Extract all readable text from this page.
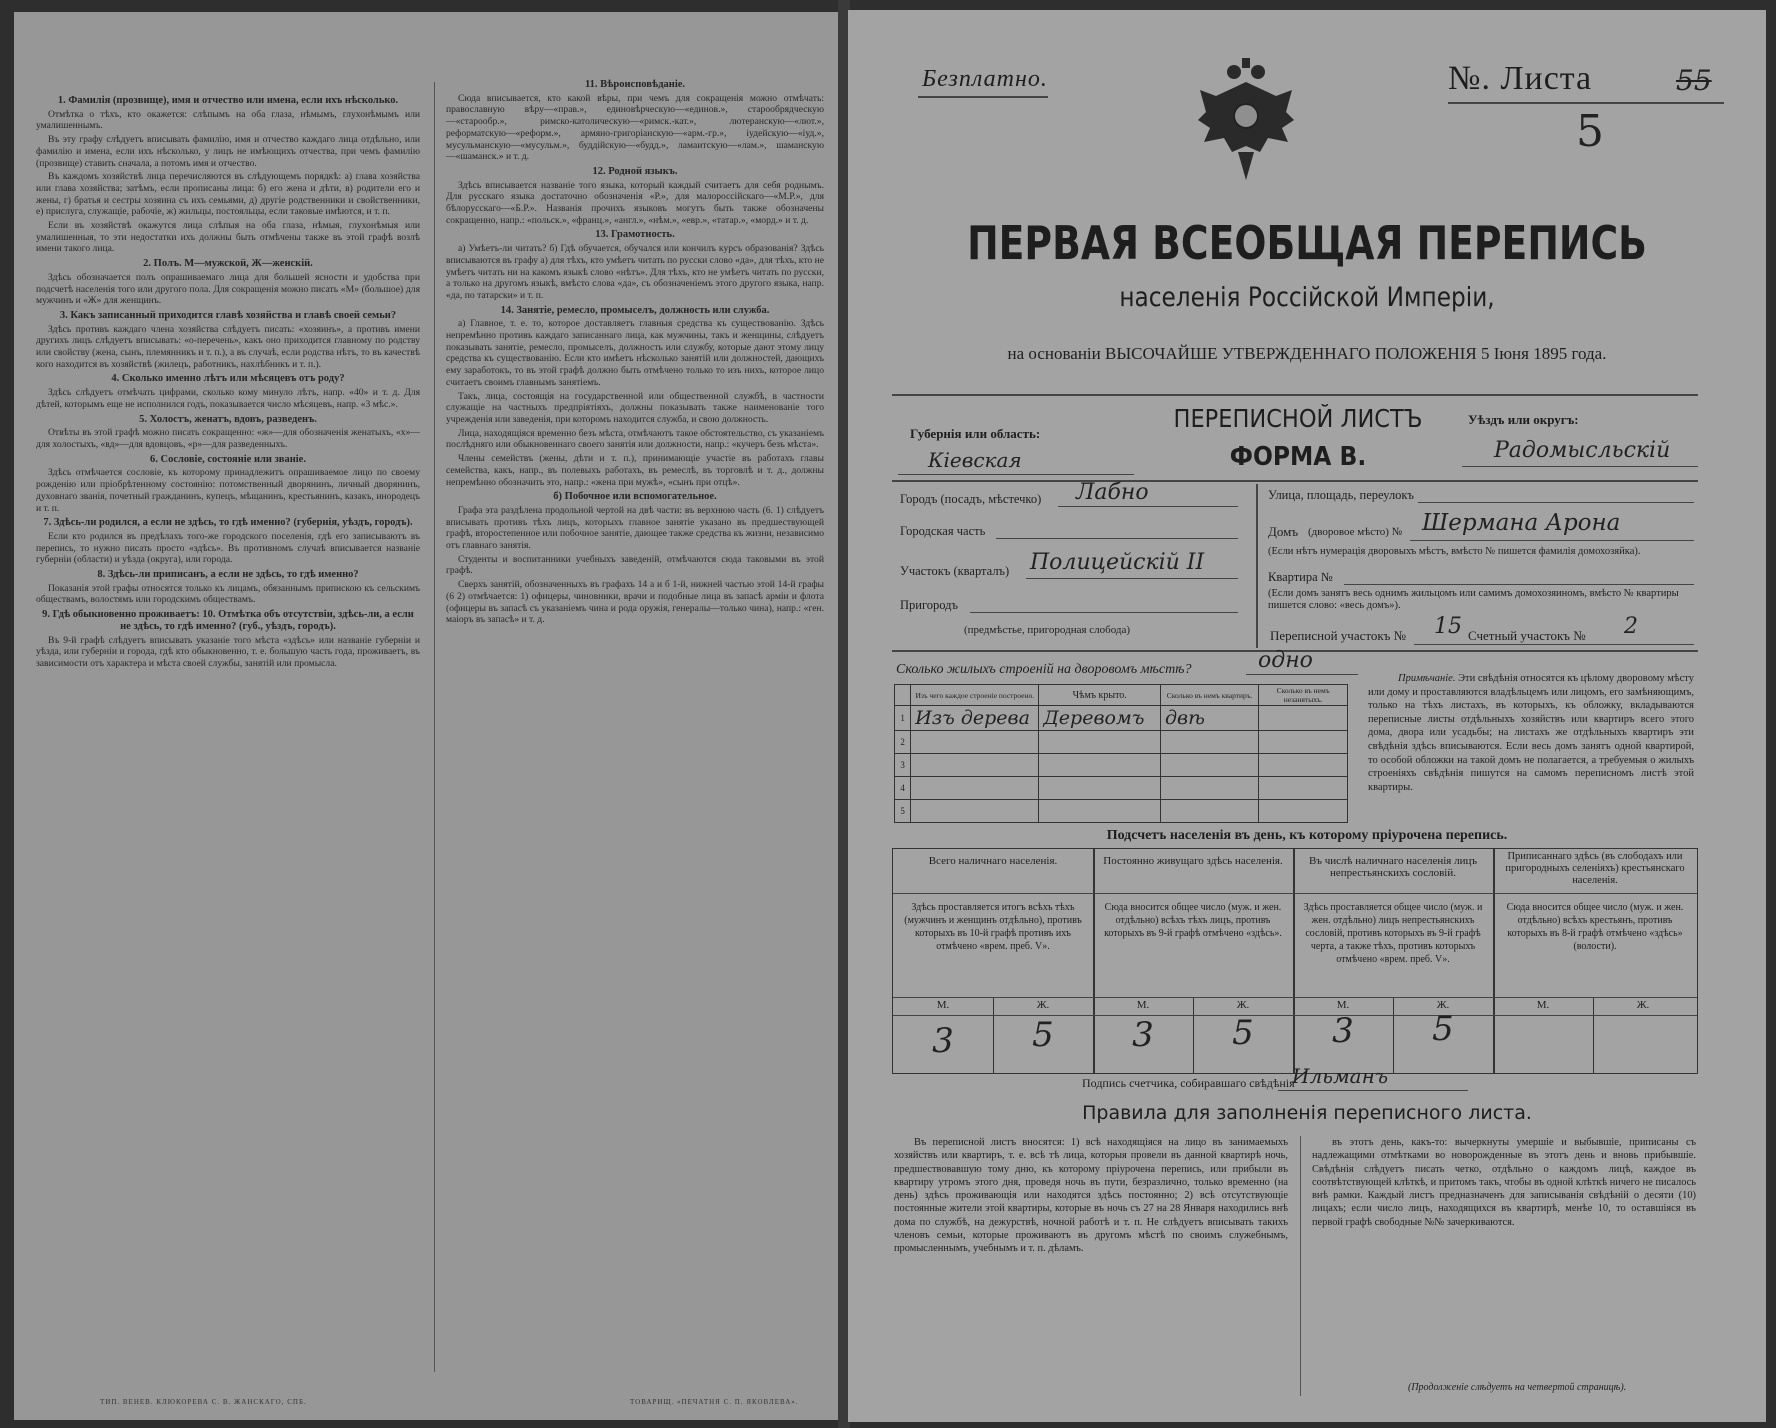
1. Фамилія (прозвище), имя и отчество или имена, если ихъ нѣсколько.

Отмѣтка о тѣхъ, кто окажется: слѣпымъ на оба глаза, нѣмымъ, глухонѣмымъ или умалишеннымъ.

Въ эту графу слѣдуетъ вписывать фамилію, имя и отчество каждаго лица отдѣльно, или фамилію и имена, если ихъ нѣсколько, у лицъ не имѣющихъ отчества, при чемъ фамилію (прозвище) ставить сначала, а потомъ имя и отчество.

Въ каждомъ хозяйствѣ лица перечисляются въ слѣдующемъ порядкѣ: а) глава хозяйства или глава хозяйства; затѣмъ, если прописаны лица: б) его жена и дѣти, в) родители его и жены, г) братья и сестры хозяина съ ихъ семьями, д) другіе родственники и свойственники, е) прислуга, служащіе, рабочіе, ж) жильцы, постояльцы, если таковые имѣются, и т. п.

Если въ хозяйствѣ окажутся лица слѣпыя на оба глаза, нѣмыя, глухонѣмыя или умалишенныя, то эти недостатки ихъ должны быть отмѣчены также въ этой графѣ возлѣ имени такого лица.

2. Полъ. М—мужской, Ж—женскій.

Здѣсь обозначается полъ опрашиваемаго лица для большей ясности и удобства при подсчетѣ населенія того или другого пола. Для сокращенія можно писать «М» (большое) для мужчинъ и «Ж» для женщинъ.

3. Какъ записанный приходится главѣ хозяйства и главѣ своей семьи?

Здѣсь противъ каждаго члена хозяйства слѣдуетъ писать: «хозяинъ», а противъ имени другихъ лицъ слѣдуетъ вписывать: «о-перечень», какъ оно приходится главному по родству или свойству (жена, сынъ, племянникъ и т. п.), а въ случаѣ, если родства нѣтъ, то въ качествѣ кого находится въ хозяйствѣ (жилецъ, работникъ, нахлѣбникъ и т. п.).

4. Сколько именно лѣтъ или мѣсяцевъ отъ роду?

Здѣсь слѣдуетъ отмѣчать цифрами, сколько кому минуло лѣтъ, напр. «40» и т. д. Для дѣтей, которымъ еще не исполнился годъ, показывается число мѣсяцевъ, напр. «3 мѣс.».

5. Холостъ, женатъ, вдовъ, разведенъ.

Отвѣты въ этой графѣ можно писать сокращенно: «ж»—для обозначенія женатыхъ, «х»—для холостыхъ, «вд»—для вдовцовъ, «р»—для разведенныхъ.

6. Сословіе, состояніе или званіе.

Здѣсь отмѣчается сословіе, къ которому принадлежитъ опрашиваемое лицо по своему рожденію или пріобрѣтенному состоянію: потомственный дворянинъ, личный дворянинъ, духовнаго званія, почетный гражданинъ, купецъ, мѣщанинъ, крестьянинъ, казакъ, инородецъ и т. п.

7. Здѣсь-ли родился, а если не здѣсь, то гдѣ именно? (губернія, уѣздъ, городъ).

Если кто родился въ предѣлахъ того-же городского поселенія, гдѣ его записываютъ въ перепись, то нужно писать просто «здѣсь». Въ противномъ случаѣ вписывается названіе губерніи (области) и уѣзда (округа), или города.

8. Здѣсь-ли приписанъ, а если не здѣсь, то гдѣ именно?

Показанія этой графы относятся только къ лицамъ, обязаннымъ припискою къ сельскимъ обществамъ, волостямъ или городскимъ обществамъ.

9. Гдѣ обыкновенно проживаетъ: 10. Отмѣтка объ отсутствіи, здѣсь-ли, а если не здѣсь, то гдѣ именно? (губ., уѣздъ, городъ).

Въ 9-й графѣ слѣдуетъ вписывать указаніе того мѣста «здѣсь» или названіе губерніи и уѣзда, или губерніи и города, гдѣ кто обыкновенно, т. е. большую часть года, проживаетъ, въ зависимости отъ характера и мѣста своей службы, занятій или промысла.

11. Вѣроисповѣданіе.

Сюда вписывается, кто какой вѣры, при чемъ для сокращенія можно отмѣчать: православную вѣру—«прав.», единовѣрческую—«единов.», старообрядческую—«старообр.», римско-католическую—«римск.-кат.», лютеранскую—«лют.», реформатскую—«реформ.», армяно-григоріанскую—«арм.-гр.», іудейскую—«іуд.», мусульманскую—«мусульм.», буддійскую—«будд.», ламаитскую—«лам.», шаманскую—«шаманск.» и т. д.

12. Родной языкъ.

Здѣсь вписывается названіе того языка, который каждый считаетъ для себя роднымъ. Для русскаго языка достаточно обозначенія «Р.», для малороссійскаго—«М.Р.», для бѣлорусскаго—«Б.Р.». Названія прочихъ языковъ могутъ быть также обозначены сокращенно, напр.: «польск.», «франц.», «англ.», «нѣм.», «евр.», «татар.», «морд.» и т. д.

13. Грамотность.

а) Умѣетъ-ли читать? б) Гдѣ обучается, обучался или кончилъ курсъ образованія? Здѣсь вписываются въ графу а) для тѣхъ, кто умѣетъ читать по русски слово «да», для тѣхъ, кто не умѣетъ читать ни на какомъ языкѣ слово «нѣтъ». Для тѣхъ, кто не умѣетъ читать по русски, а только на другомъ языкѣ, вмѣсто слова «да», съ обозначеніемъ этого другого языка, напр. «да, по татарски» и т. п.

14. Занятіе, ремесло, промыселъ, должность или служба.

а) Главное, т. е. то, которое доставляетъ главныя средства къ существованію. Здѣсь непремѣнно противъ каждаго записаннаго лица, как мужчины, такъ и женщины, слѣдуетъ показывать занятіе, ремесло, промыселъ, должность или службу, которые дают этому лицу средства къ существованію. Если кто имѣетъ нѣсколько занятій или должностей, дающихъ ему заработокъ, то въ этой графѣ должно быть отмѣчено только то изъ нихъ, которое лицо считаетъ своимъ главнымъ занятіемъ.

Такъ, лица, состоящія на государственной или общественной службѣ, в частности служащіе на частныхъ предпріятіяхъ, должны показывать также наименованіе того учрежденія или заведенія, при которомъ находится служба, и свою должность.

Лица, находящіяся временно безъ мѣста, отмѣчаютъ такое обстоятельство, съ указаніемъ послѣдняго или обыкновеннаго своего занятія или должности, напр.: «кучеръ безъ мѣста».

Члены семействъ (жены, дѣти и т. п.), принимающіе участіе въ работахъ главы семейства, какъ, напр., въ полевыхъ работахъ, въ ремеслѣ, въ торговлѣ и т. д., должны непремѣнно обозначить это, напр.: «жена при мужѣ», «сынъ при отцѣ».

б) Побочное или вспомогательное.

Графа эта раздѣлена продольной чертой на двѣ части: въ верхнюю часть (6. 1) слѣдуетъ вписывать противъ тѣхъ лицъ, которыхъ главное занятіе указано въ предшествующей графѣ, второстепенное или побочное занятіе, дающее также средства къ жизни, независимо отъ главнаго занятія.

Студенты и воспитанники учебныхъ заведеній, отмѣчаются сюда таковыми въ этой графѣ.

Сверхъ занятій, обозначенныхъ въ графахъ 14 а и б 1-й, нижней частью этой 14-й графы (6 2) отмѣчается: 1) офицеры, чиновники, врачи и подобные лица въ запасѣ арміи и флота (офицеры въ запасѣ съ указаніемъ чина и рода оружія, генералы—только чина), напр.: «ген. маіоръ въ запасѣ» и т. д.

ТИП. ВЕНЕВ. КЛЮКОРЕВА С. В. ЖАНСКАГО, СПБ.	ТОВАРИЩ. «ПЕЧАТНЯ С. П. ЯКОВЛЕВА».
Безплатно.	№. Листа	55
5
ПЕРВАЯ ВСЕОБЩАЯ ПЕРЕПИСЬ
населенія Россійской Имперіи,
на основаніи ВЫСОЧАЙШЕ УТВЕРЖДЕННАГО ПОЛОЖЕНІЯ 5 Іюня 1895 года.
Губернія или область:
Кіевская
ПЕРЕПИСНОЙ ЛИСТЪ
ФОРМА В.
Уѣздъ или округъ:
Радомысльскій
Городъ (посадъ, мѣстечко) Лабно
Городская часть
Участокъ (кварталъ) Полицейскій II
Пригородъ
(предмѣстье, пригородная слобода)
Улица, площадь, переулокъ
Домъ (дворовое мѣсто) № Шермана Арона
(Если нѣтъ нумерація дворовыхъ мѣстъ, вмѣсто № пишется фамилія домохозяйка).
Квартира №
(Если домъ занятъ весь однимъ жильцомъ или самимъ домохозяиномъ, вмѣсто № квартиры пишется слово: «весь домъ»).
Переписной участокъ № 15 Счетный участокъ № 2
Сколько жилыхъ строеній на дворовомъ мѣстѣ?	одно
	Изъ чего каждое строеніе построено.	Чѣмъ крыто.	Сколько въ немъ квартиръ.	Сколько въ немъ незанятыхъ.
1	Изъ дерева	Деревомъ	двѣ	
2				
3				
4				
5				
Примѣчаніе. Эти свѣдѣнія относятся къ цѣлому дворовому мѣсту или дому и проставляются владѣльцемъ или лицомъ, его замѣняющимъ, только на тѣхъ листахъ, въ которыхъ, къ обложку, вкладываются переписные листы отдѣльныхъ хозяйствъ или квартиръ всего этого дома, двора или усадьбы; на листахъ же отдѣльныхъ квартиръ эти свѣдѣнія здѣсь вписываются. Если весь домъ занятъ одной квартирой, то особой обложки на такой домъ не полагается, а требуемыя о жилыхъ строеніяхъ свѣдѣнія пишутся на самомъ переписномъ листѣ этой квартиры.
Подсчетъ населенія въ день, къ которому пріурочена перепись.
Всего наличнаго населенія.
Здѣсь проставляется итогъ всѣхъ тѣхъ (мужчинъ и женщинъ отдѣльно), противъ которыхъ въ 10-й графѣ противъ ихъ отмѣчено «врем. преб. V».
М.	Ж.
3	5
Постоянно живущаго здѣсь населенія.
Сюда вносится общее число (муж. и жен. отдѣльно) всѣхъ тѣхъ лицъ, противъ которыхъ въ 9-й графѣ отмѣчено «здѣсь».
М.	Ж.
3	5
Въ числѣ наличнаго населенія лицъ непрестьянскихъ сословій.
Здѣсь проставляется общее число (муж. и жен. отдѣльно) лицъ непрестьянскихъ сословій, противъ которыхъ въ 9-й графѣ черта, а также тѣхъ, противъ которыхъ отмѣчено «врем. преб. V».
М.	Ж.
3	5
Приписаннаго здѣсь (въ слободахъ или пригородныхъ селеніяхъ) крестьянскаго населенія.
Сюда вносится общее число (муж. и жен. отдѣльно) всѣхъ крестьянъ, противъ которыхъ въ 8-й графѣ отмѣчено «здѣсь» (волости).
М.	Ж.
Подпись счетчика, собиравшаго свѣдѣнія
Ильманъ
Правила для заполненія переписного листа.
Въ переписной листъ вносятся: 1) всѣ находящіяся на лицо въ занимаемыхъ хозяйствъ или квартиръ, т. е. всѣ тѣ лица, которыя провели въ данной квартирѣ ночь, предшествовавшую тому дню, къ которому пріурочена перепись, или прибыли въ квартиру утромъ этого дня, проведя ночь въ пути, безразлично, только временно (на день) здѣсь проживающія или находятся здѣсь постоянно; 2) всѣ отсутствующіе постоянные жители этой квартиры, которые въ ночь съ 27 на 28 Января находились внѣ дома по службѣ, на дежурствѣ, ночной работѣ и т. п. Не слѣдуетъ вписывать такихъ членовъ семьи, которые проживаютъ въ другомъ мѣстѣ по своимъ служебнымъ, промысленнымъ, учебнымъ и т. п. дѣламъ.
въ этотъ день, какъ-то: вычеркнуты умершіе и выбывшіе, приписаны съ надлежащими отмѣтками во новорожденные въ этотъ день и вновь прибывшіе. Свѣдѣнія слѣдуетъ писать четко, отдѣльно о каждомъ лицѣ, каждое въ соотвѣтствующей клѣткѣ, и притомъ такъ, чтобы въ одной клѣткѣ ничего не писалось внѣ рамки. Каждый листъ предназначенъ для записыванія свѣдѣній о десяти (10) лицахъ; если число лицъ, находящихся въ квартирѣ, менѣе 10, то оставшіяся въ первой графѣ свободные №№ зачеркиваются.
(Продолженіе слѣдуетъ на четвертой страницѣ).
